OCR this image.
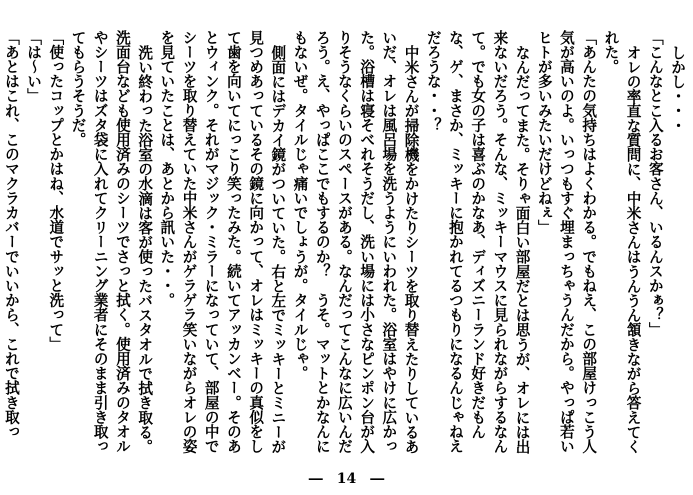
しかし・・・

「こんなとこ入るお客さん、いるんスかぁ？」

オレの率直な質問に、中米さんはうんうん頷きながら答えてくれた。

「あんたの気持ちはよくわかる。でもねえ、この部屋けっこう人気が高いのよ。いっつもすぐ埋まっちゃうんだから。やっぱ若いヒトが多いみたいだけどねぇ」

なんだってまた。そりゃ面白い部屋だとは思うが、オレには出来ないだろう。そんな、ミッキーマウスに見られながらするなんて。でも女の子は喜ぶのかなあ、ディズニーランド好きだもんな、ゲ、まさか、ミッキーに抱かれてるつもりになるんじゃねえだろうな・・？

中米さんが掃除機をかけたりシーツを取り替えたりしているあいだ、オレは風呂場を洗うようにいわれた。浴室はやけに広かった。浴槽は寝そべれそうだし、洗い場には小さなピンポン台が入りそうなくらいのスペースがある。なんだってこんなに広いんだろう。え、やっぱここでもするのか？　うそ。マットとかなんにもないぜ。タイルじゃ痛いでしょうが。タイルじゃ。

側面にはデカイ鏡がついていた。右と左でミッキーとミニーが見つめあっているその鏡に向かって、オレはミッキーの真似をして歯を向いてにっこり笑ったみた。続いてアッカンベー。そのあとウィンク。それがマジック・ミラーになっていて、部屋の中でシーツを取り替えていた中米さんがゲラゲラ笑いながらオレの姿を見ていたことは、あとから訊いた・・。

洗い終わった浴室の水滴は客が使ったバスタオルで拭き取る。洗面台なども使用済みのシーツでさっと拭く。使用済みのタオルやシーツはズタ袋に入れてクリーニング業者にそのまま引き取ってもらうそうだ。

「使ったコップとかはね、水道でサッと洗って」

「は～い」

「あとはこれ、このマクラカバーでいいから、これで拭き取っ

―　14　―
